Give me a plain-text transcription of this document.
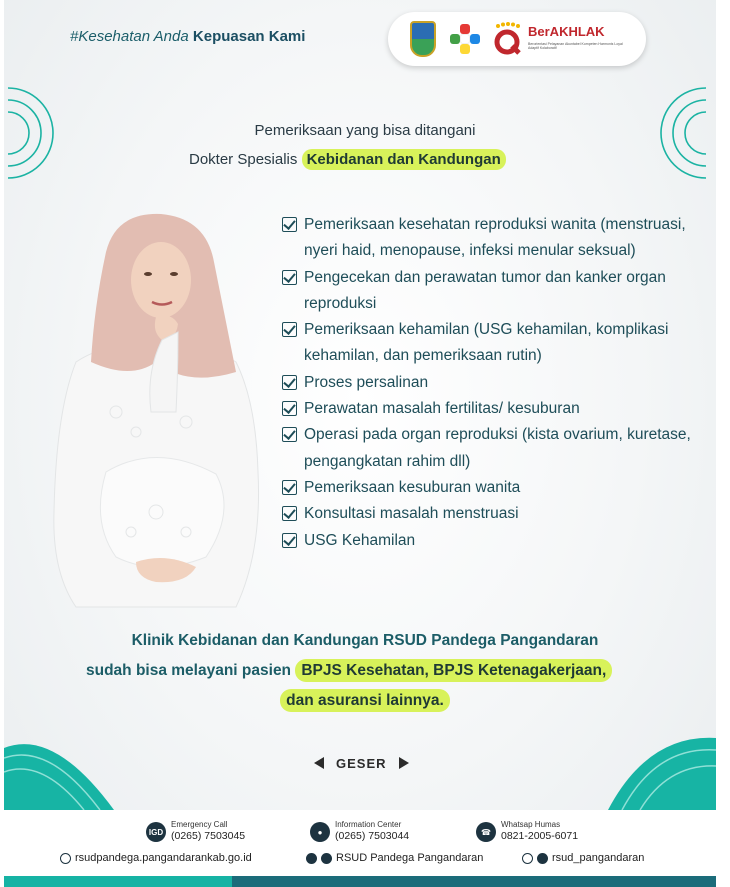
#Kesehatan Anda Kepuasan Kami	BerAKHLAK
Berorientasi Pelayanan Akuntabel Kompeten Harmonis Loyal Adaptif Kolaboratif
Pemeriksaan yang bisa ditangani
Dokter Spesialis Kebidanan dan Kandungan
Pemeriksaan kesehatan reproduksi wanita (menstruasi, nyeri haid, menopause, infeksi menular seksual)
Pengecekan dan perawatan tumor dan kanker organ reproduksi
Pemeriksaan kehamilan (USG kehamilan, komplikasi kehamilan, dan pemeriksaan rutin)
Proses persalinan
Perawatan masalah fertilitas/ kesuburan
Operasi pada organ reproduksi (kista ovarium, kuretase, pengangkatan rahim dll)
Pemeriksaan kesuburan wanita
Konsultasi masalah menstruasi
USG Kehamilan
Klinik Kebidanan dan Kandungan RSUD Pandega Pangandaran
sudah bisa melayani pasien BPJS Kesehatan, BPJS Ketenagakerjaan,
dan asuransi lainnya.
GESER
IGD
Emergency Call
(0265) 7503045	●
Information Center
(0265) 7503044	☎
Whatsap Humas
0821-2005-6071
rsudpandega.pangandarankab.go.id	RSUD Pandega Pangandaran	rsud_pangandaran
